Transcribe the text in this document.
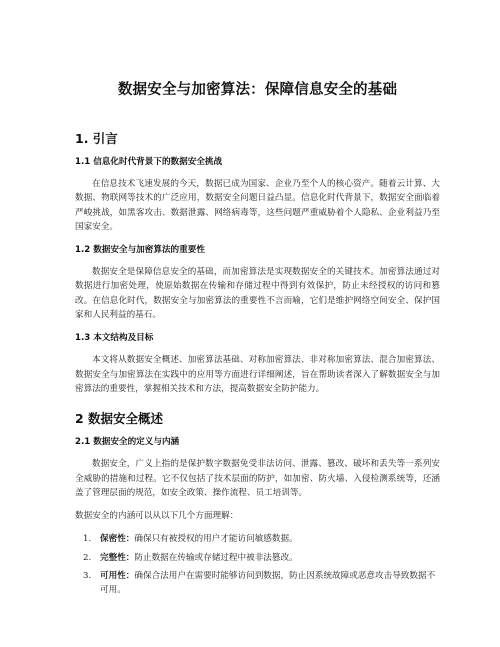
数据安全与加密算法：保障信息安全的基础
1. 引言
1.1 信息化时代背景下的数据安全挑战

在信息技术飞速发展的今天，数据已成为国家、企业乃至个人的核心资产。随着云计算、大数据、物联网等技术的广泛应用，数据安全问题日益凸显。信息化时代背景下，数据安全面临着严峻挑战，如黑客攻击、数据泄露、网络病毒等，这些问题严重威胁着个人隐私、企业利益乃至国家安全。

1.2 数据安全与加密算法的重要性

数据安全是保障信息安全的基础，而加密算法是实现数据安全的关键技术。加密算法通过对数据进行加密处理，使原始数据在传输和存储过程中得到有效保护，防止未经授权的访问和篡改。在信息化时代，数据安全与加密算法的重要性不言而喻，它们是维护网络空间安全、保护国家和人民利益的基石。

1.3 本文结构及目标

本文将从数据安全概述、加密算法基础、对称加密算法、非对称加密算法、混合加密算法、数据安全与加密算法在实践中的应用等方面进行详细阐述，旨在帮助读者深入了解数据安全与加密算法的重要性，掌握相关技术和方法，提高数据安全防护能力。

2 数据安全概述
2.1 数据安全的定义与内涵

数据安全，广义上指的是保护数字数据免受非法访问、泄露、篡改、破坏和丢失等一系列安全威胁的措施和过程。它不仅包括了技术层面的防护，如加密、防火墙、入侵检测系统等，还涵盖了管理层面的规范，如安全政策、操作流程、员工培训等。

数据安全的内涵可以从以下几个方面理解：

1. 保密性：确保只有被授权的用户才能访问敏感数据。
2. 完整性：防止数据在传输或存储过程中被非法篡改。
3. 可用性：确保合法用户在需要时能够访问到数据，防止因系统故障或恶意攻击导致数据不可用。
